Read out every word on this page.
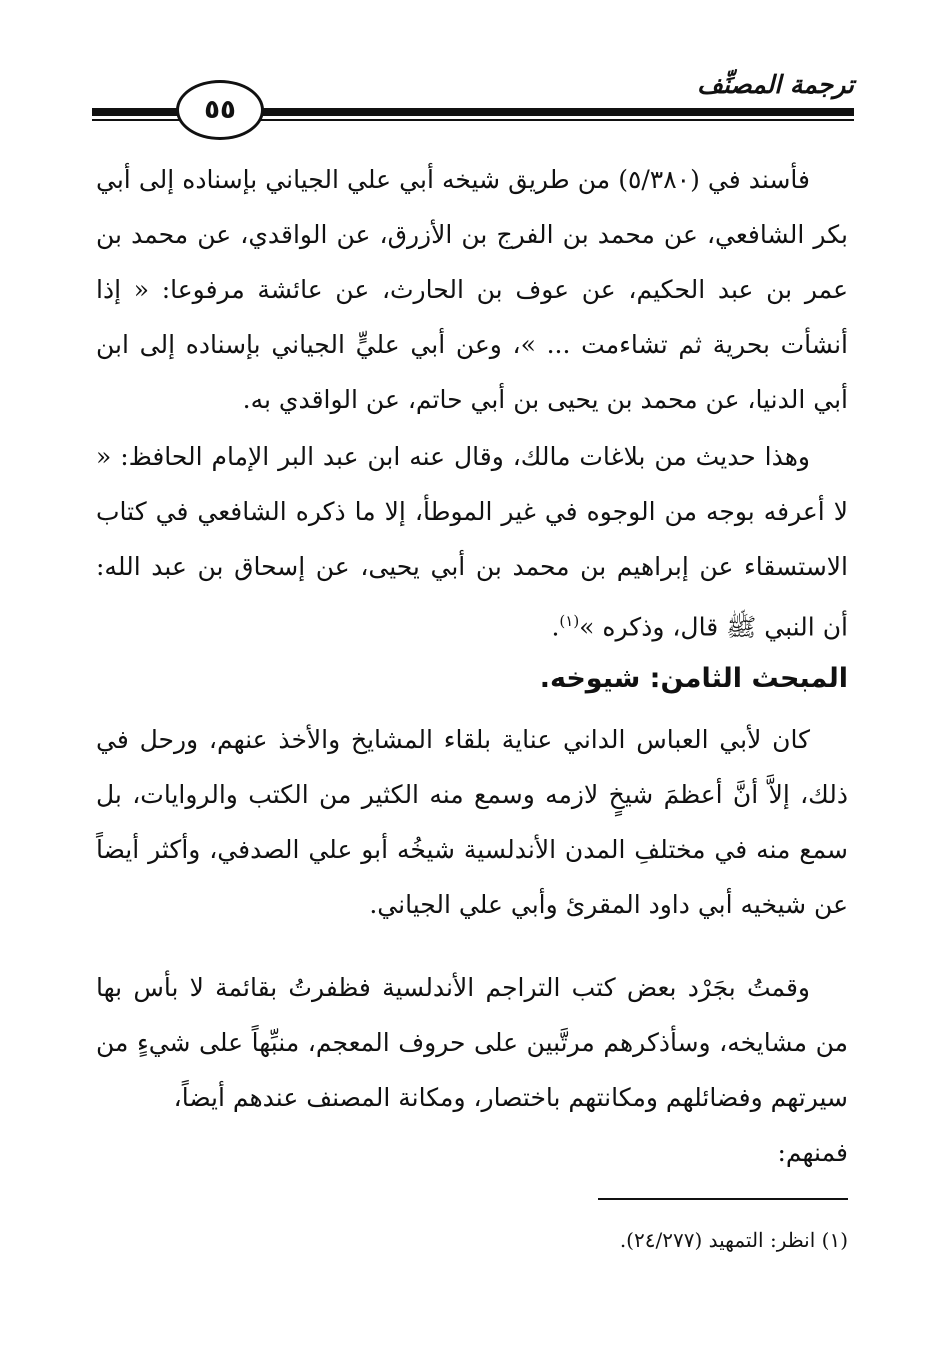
ترجمة المصنِّف
٥٥

فأسند في (٥/٣٨٠) من طريق شيخه أبي علي الجياني بإسناده إلى أبي بكر الشافعي، عن محمد بن الفرج بن الأزرق، عن الواقدي، عن محمد بن عمر بن عبد الحكيم، عن عوف بن الحارث، عن عائشة مرفوعا: « إذا أنشأت بحرية ثم تشاءمت ... »، وعن أبي عليٍّ الجياني بإسناده إلى ابن أبي الدنيا، عن محمد بن يحيى بن أبي حاتم، عن الواقدي به.

وهذا حديث من بلاغات مالك، وقال عنه ابن عبد البر الإمام الحافظ: « لا أعرفه بوجه من الوجوه في غير الموطأ، إلا ما ذكره الشافعي في كتاب الاستسقاء عن إبراهيم بن محمد بن أبي يحيى، عن إسحاق بن عبد الله: أن النبي ﷺ قال، وذكره »$^{(١)}$.

المبحث الثامن: شيوخه.

كان لأبي العباس الداني عناية بلقاء المشايخ والأخذ عنهم، ورحل في ذلك، إلاَّ أنَّ أعظمَ شيخٍ لازمه وسمع منه الكثير من الكتب والروايات، بل سمع منه في مختلفِ المدن الأندلسية شيخُه أبو علي الصدفي، وأكثر أيضاً عن شيخيه أبي داود المقرئ وأبي علي الجياني.

وقمتُ بجَرْد بعض كتب التراجم الأندلسية فظفرتُ بقائمة لا بأس بها من مشايخه، وسأذكرهم مرتَّبين على حروف المعجم، منبِّهاً على شيءٍ من سيرتهم وفضائلهم ومكانتهم باختصار، ومكانة المصنف عندهم أيضاً،

فمنهم:

(١) انظر: التمهيد (٢٤/٢٧٧).
